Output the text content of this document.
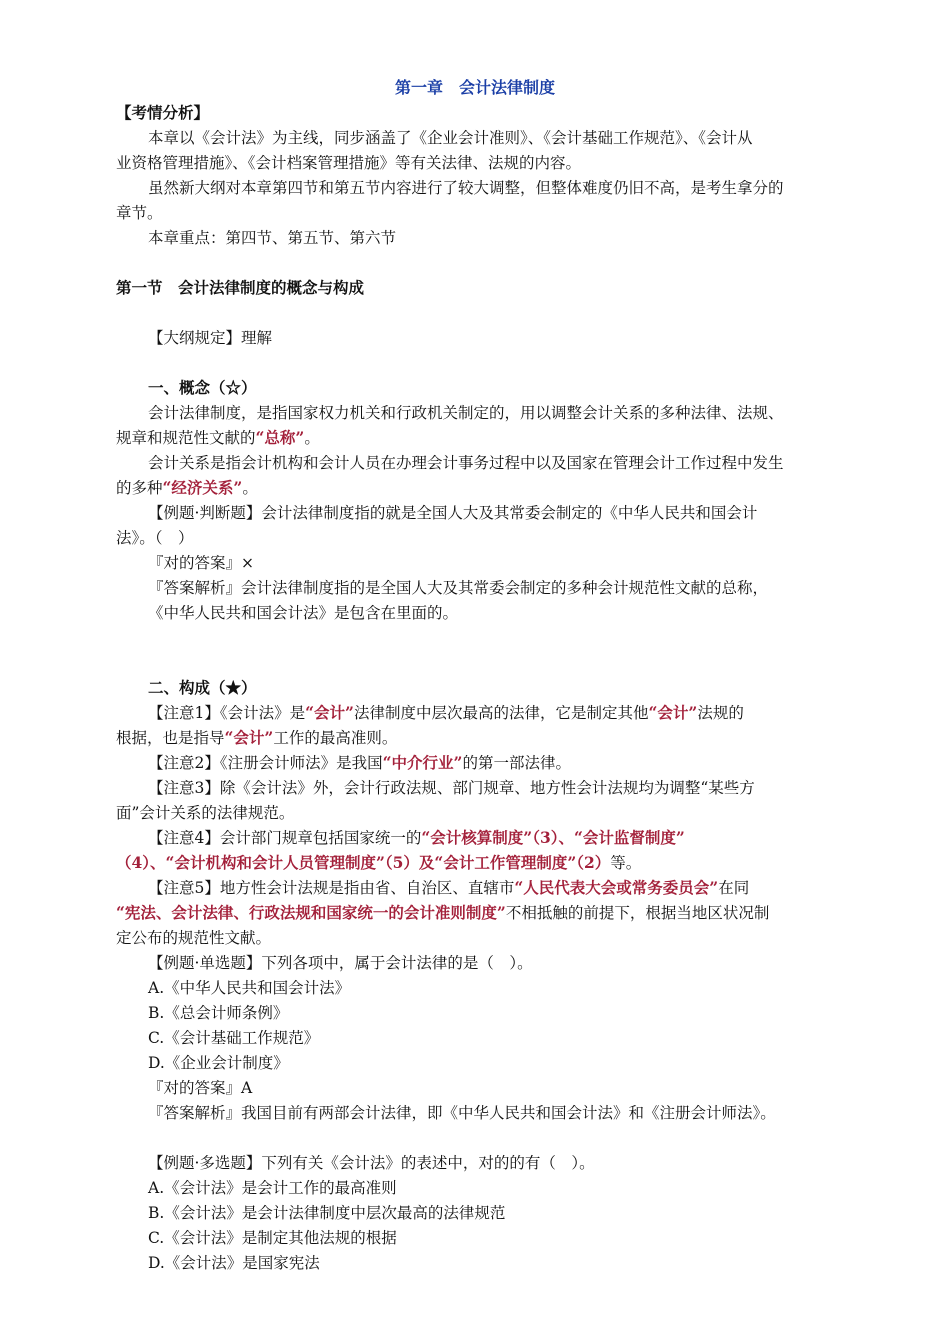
第一章　会计法律制度
【考情分析】
本章以《会计法》为主线，同步涵盖了《企业会计准则》、《会计基础工作规范》、《会计从
业资格管理措施》、《会计档案管理措施》等有关法律、法规的内容。
虽然新大纲对本章第四节和第五节内容进行了较大调整，但整体难度仍旧不高，是考生拿分的
章节。
本章重点：第四节、第五节、第六节
第一节　会计法律制度的概念与构成
【大纲规定】理解
一、概念（☆）
会计法律制度，是指国家权力机关和行政机关制定的，用以调整会计关系的多种法律、法规、
规章和规范性文献的“总称”。
会计关系是指会计机构和会计人员在办理会计事务过程中以及国家在管理会计工作过程中发生
的多种“经济关系”。
【例题·判断题】会计法律制度指的就是全国人大及其常委会制定的《中华人民共和国会计
法》。（　）
『对的答案』×
『答案解析』会计法律制度指的是全国人大及其常委会制定的多种会计规范性文献的总称，
《中华人民共和国会计法》是包含在里面的。
二、构成（★）
【注意1】《会计法》是“会计”法律制度中层次最高的法律，它是制定其他“会计”法规的
根据，也是指导“会计”工作的最高准则。
【注意2】《注册会计师法》是我国“中介行业”的第一部法律。
【注意3】除《会计法》外，会计行政法规、部门规章、地方性会计法规均为调整“某些方
面”会计关系的法律规范。
【注意4】会计部门规章包括国家统一的“会计核算制度”（3）、“会计监督制度”
（4）、“会计机构和会计人员管理制度”（5）及“会计工作管理制度”（2）等。
【注意5】地方性会计法规是指由省、自治区、直辖市“人民代表大会或常务委员会”在同
“宪法、会计法律、行政法规和国家统一的会计准则制度”不相抵触的前提下，根据当地区状况制
定公布的规范性文献。
【例题·单选题】下列各项中，属于会计法律的是（　）。
A.《中华人民共和国会计法》
B.《总会计师条例》
C.《会计基础工作规范》
D.《企业会计制度》
『对的答案』A
『答案解析』我国目前有两部会计法律，即《中华人民共和国会计法》和《注册会计师法》。
【例题·多选题】下列有关《会计法》的表述中，对的的有（　）。
A.《会计法》是会计工作的最高准则
B.《会计法》是会计法律制度中层次最高的法律规范
C.《会计法》是制定其他法规的根据
D.《会计法》是国家宪法
